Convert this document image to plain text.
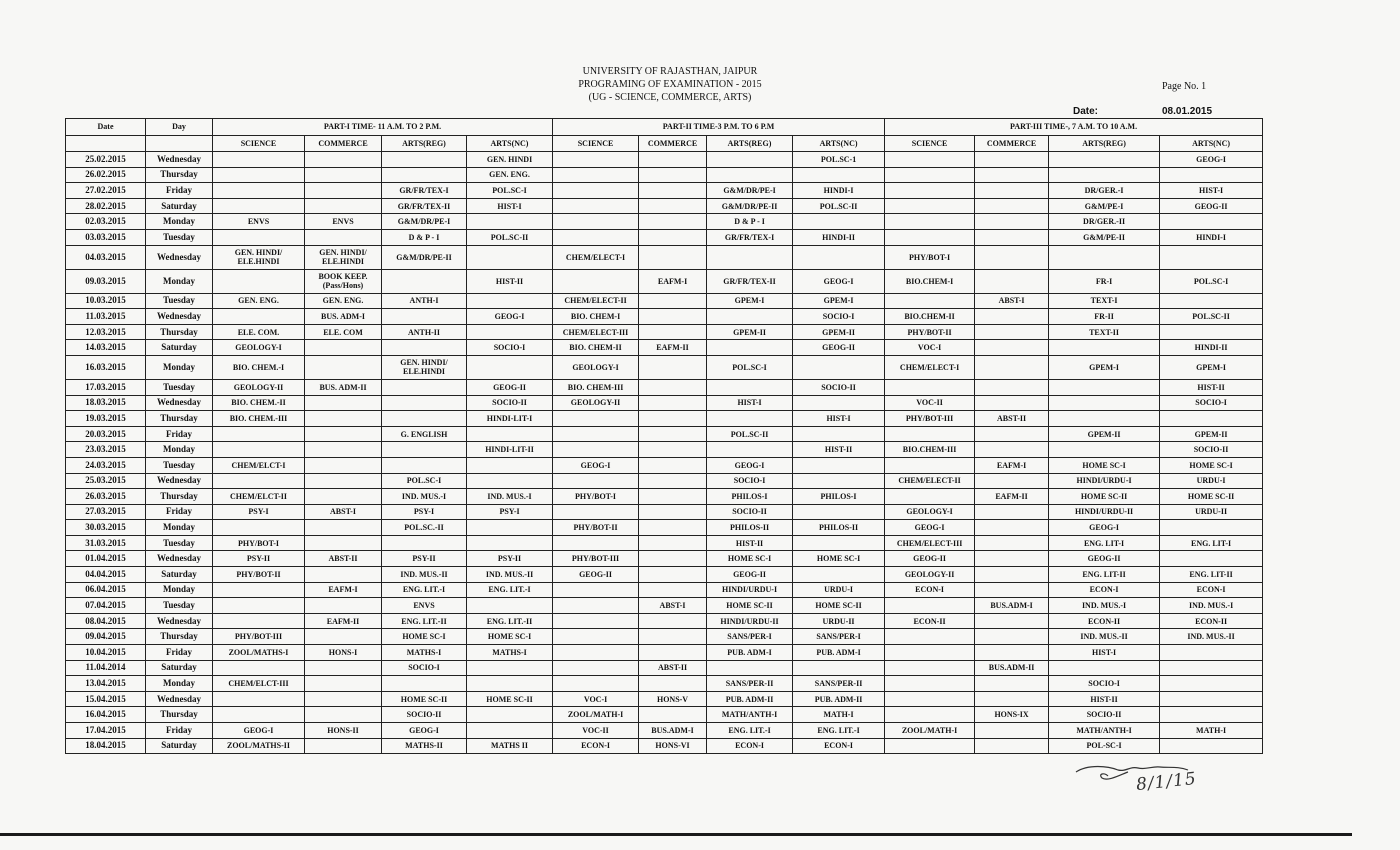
UNIVERSITY OF RAJASTHAN, JAIPUR
PROGRAMING OF EXAMINATION - 2015
(UG - SCIENCE, COMMERCE, ARTS)
Page No. 1
Date:	08.01.2015
Date	Day	PART-I TIME- 11 A.M. TO 2 P.M.				PART-II TIME-3 P.M. TO 6 P.M				PART-III TIME-, 7 A.M. TO 10 A.M.			
		SCIENCE	COMMERCE	ARTS(REG)	ARTS(NC)	SCIENCE	COMMERCE	ARTS(REG)	ARTS(NC)	SCIENCE	COMMERCE	ARTS(REG)	ARTS(NC)
25.02.2015	Wednesday				GEN. HINDI				POL.SC-1				GEOG-I
26.02.2015	Thursday				GEN. ENG.								
27.02.2015	Friday			GR/FR/TEX-I	POL.SC-I			G&M/DR/PE-I	HINDI-I			DR/GER.-I	HIST-I
28.02.2015	Saturday			GR/FR/TEX-II	HIST-I			G&M/DR/PE-II	POL.SC-II			G&M/PE-I	GEOG-II
02.03.2015	Monday	ENVS	ENVS	G&M/DR/PE-I				D & P - I				DR/GER.-II	
03.03.2015	Tuesday			D & P - I	POL.SC-II			GR/FR/TEX-I	HINDI-II			G&M/PE-II	HINDI-I
04.03.2015	Wednesday	GEN. HINDI/ ELE.HINDI	GEN. HINDI/ ELE.HINDI	G&M/DR/PE-II		CHEM/ELECT-I				PHY/BOT-I			
09.03.2015	Monday		BOOK KEEP. (Pass/Hons)		HIST-II		EAFM-I	GR/FR/TEX-II	GEOG-I	BIO.CHEM-I		FR-I	POL.SC-I
10.03.2015	Tuesday	GEN. ENG.	GEN. ENG.	ANTH-I		CHEM/ELECT-II		GPEM-I	GPEM-I		ABST-I	TEXT-I	
11.03.2015	Wednesday		BUS. ADM-I		GEOG-I	BIO. CHEM-I			SOCIO-I	BIO.CHEM-II		FR-II	POL.SC-II
12.03.2015	Thursday	ELE. COM.	ELE. COM	ANTH-II		CHEM/ELECT-III		GPEM-II	GPEM-II	PHY/BOT-II		TEXT-II	
14.03.2015	Saturday	GEOLOGY-I			SOCIO-I	BIO. CHEM-II	EAFM-II		GEOG-II	VOC-I			HINDI-II
16.03.2015	Monday	BIO. CHEM.-I		GEN. HINDI/ ELE.HINDI		GEOLOGY-I		POL.SC-I		CHEM/ELECT-I		GPEM-I	GPEM-I
17.03.2015	Tuesday	GEOLOGY-II	BUS. ADM-II		GEOG-II	BIO. CHEM-III			SOCIO-II				HIST-II
18.03.2015	Wednesday	BIO. CHEM.-II			SOCIO-II	GEOLOGY-II		HIST-I		VOC-II			SOCIO-I
19.03.2015	Thursday	BIO. CHEM.-III			HINDI-LIT-I				HIST-I	PHY/BOT-III	ABST-II		
20.03.2015	Friday			G. ENGLISH				POL.SC-II				GPEM-II	GPEM-II
23.03.2015	Monday				HINDI-LIT-II				HIST-II	BIO.CHEM-III			SOCIO-II
24.03.2015	Tuesday	CHEM/ELCT-I				GEOG-I		GEOG-I			EAFM-I	HOME SC-I	HOME SC-I
25.03.2015	Wednesday			POL.SC-I				SOCIO-I		CHEM/ELECT-II		HINDI/URDU-I	URDU-I
26.03.2015	Thursday	CHEM/ELCT-II		IND. MUS.-I	IND. MUS.-I	PHY/BOT-I		PHILOS-I	PHILOS-I		EAFM-II	HOME SC-II	HOME SC-II
27.03.2015	Friday	PSY-I	ABST-I	PSY-I	PSY-I			SOCIO-II		GEOLOGY-I		HINDI/URDU-II	URDU-II
30.03.2015	Monday			POL.SC.-II		PHY/BOT-II		PHILOS-II	PHILOS-II	GEOG-I		GEOG-I	
31.03.2015	Tuesday	PHY/BOT-I						HIST-II		CHEM/ELECT-III		ENG. LIT-I	ENG. LIT-I
01.04.2015	Wednesday	PSY-II	ABST-II	PSY-II	PSY-II	PHY/BOT-III		HOME SC-I	HOME SC-I	GEOG-II		GEOG-II	
04.04.2015	Saturday	PHY/BOT-II		IND. MUS.-II	IND. MUS.-II	GEOG-II		GEOG-II		GEOLOGY-II		ENG. LIT-II	ENG. LIT-II
06.04.2015	Monday		EAFM-I	ENG. LIT.-I	ENG. LIT.-I			HINDI/URDU-I	URDU-I	ECON-I		ECON-I	ECON-I
07.04.2015	Tuesday			ENVS			ABST-I	HOME SC-II	HOME SC-II		BUS.ADM-I	IND. MUS.-I	IND. MUS.-I
08.04.2015	Wednesday		EAFM-II	ENG. LIT.-II	ENG. LIT.-II			HINDI/URDU-II	URDU-II	ECON-II		ECON-II	ECON-II
09.04.2015	Thursday	PHY/BOT-III		HOME SC-I	HOME SC-I			SANS/PER-I	SANS/PER-I			IND. MUS.-II	IND. MUS.-II
10.04.2015	Friday	ZOOL/MATHS-I	HONS-I	MATHS-I	MATHS-I			PUB. ADM-I	PUB. ADM-I			HIST-I	
11.04.2014	Saturday			SOCIO-I			ABST-II				BUS.ADM-II		
13.04.2015	Monday	CHEM/ELCT-III						SANS/PER-II	SANS/PER-II			SOCIO-I	
15.04.2015	Wednesday			HOME SC-II	HOME SC-II	VOC-I	HONS-V	PUB. ADM-II	PUB. ADM-II			HIST-II	
16.04.2015	Thursday			SOCIO-II		ZOOL/MATH-I		MATH/ANTH-I	MATH-I		HONS-IX	SOCIO-II	
17.04.2015	Friday	GEOG-I	HONS-II	GEOG-I		VOC-II	BUS.ADM-I	ENG. LIT.-I	ENG. LIT.-I	ZOOL/MATH-I		MATH/ANTH-I	MATH-I
18.04.2015	Saturday	ZOOL/MATHS-II		MATHS-II	MATHS II	ECON-I	HONS-VI	ECON-I	ECON-I			POL-SC-I	
8/1/15
